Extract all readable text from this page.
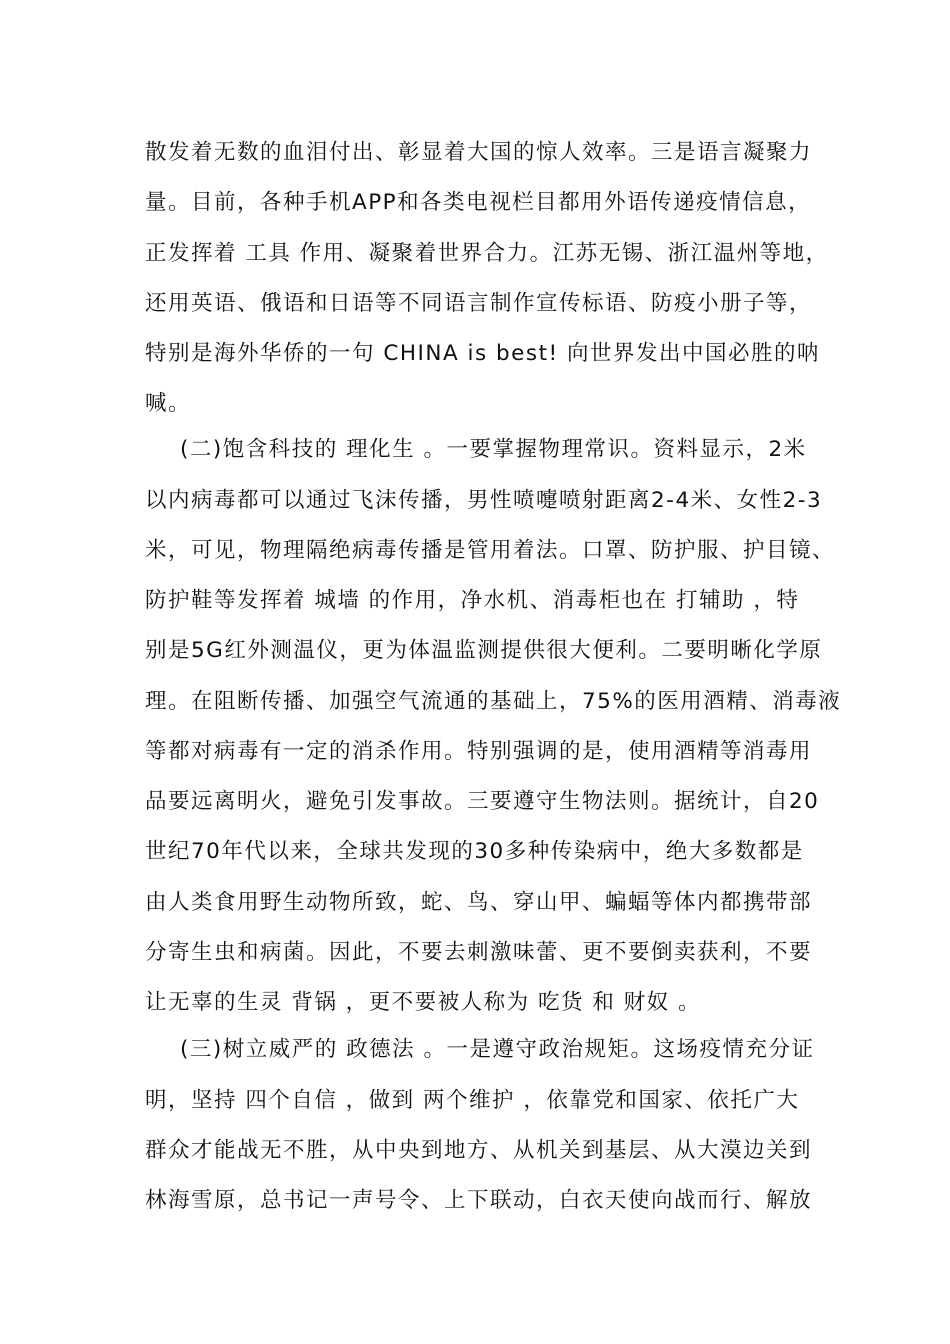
散发着无数的血泪付出、彰显着大国的惊人效率。三是语言凝聚力
量。目前，各种手机APP和各类电视栏目都用外语传递疫情信息，
正发挥着 工具 作用、凝聚着世界合力。江苏无锡、浙江温州等地，
还用英语、俄语和日语等不同语言制作宣传标语、防疫小册子等，
特别是海外华侨的一句 CHINA is best! 向世界发出中国必胜的呐
喊。
(二)饱含科技的 理化生 。一要掌握物理常识。资料显示，2米
以内病毒都可以通过飞沫传播，男性喷嚏喷射距离2-4米、女性2-3
米，可见，物理隔绝病毒传播是管用着法。口罩、防护服、护目镜、
防护鞋等发挥着 城墙 的作用，净水机、消毒柜也在 打辅助 ，特
别是5G红外测温仪，更为体温监测提供很大便利。二要明晰化学原
理。在阻断传播、加强空气流通的基础上，75%的医用酒精、消毒液
等都对病毒有一定的消杀作用。特别强调的是，使用酒精等消毒用
品要远离明火，避免引发事故。三要遵守生物法则。据统计，自20
世纪70年代以来，全球共发现的30多种传染病中，绝大多数都是
由人类食用野生动物所致，蛇、鸟、穿山甲、蝙蝠等体内都携带部
分寄生虫和病菌。因此，不要去刺激味蕾、更不要倒卖获利，不要
让无辜的生灵 背锅 ，更不要被人称为 吃货 和 财奴 。
(三)树立威严的 政德法 。一是遵守政治规矩。这场疫情充分证
明，坚持 四个自信 ，做到 两个维护 ，依靠党和国家、依托广大
群众才能战无不胜，从中央到地方、从机关到基层、从大漠边关到
林海雪原，总书记一声号令、上下联动，白衣天使向战而行、解放
